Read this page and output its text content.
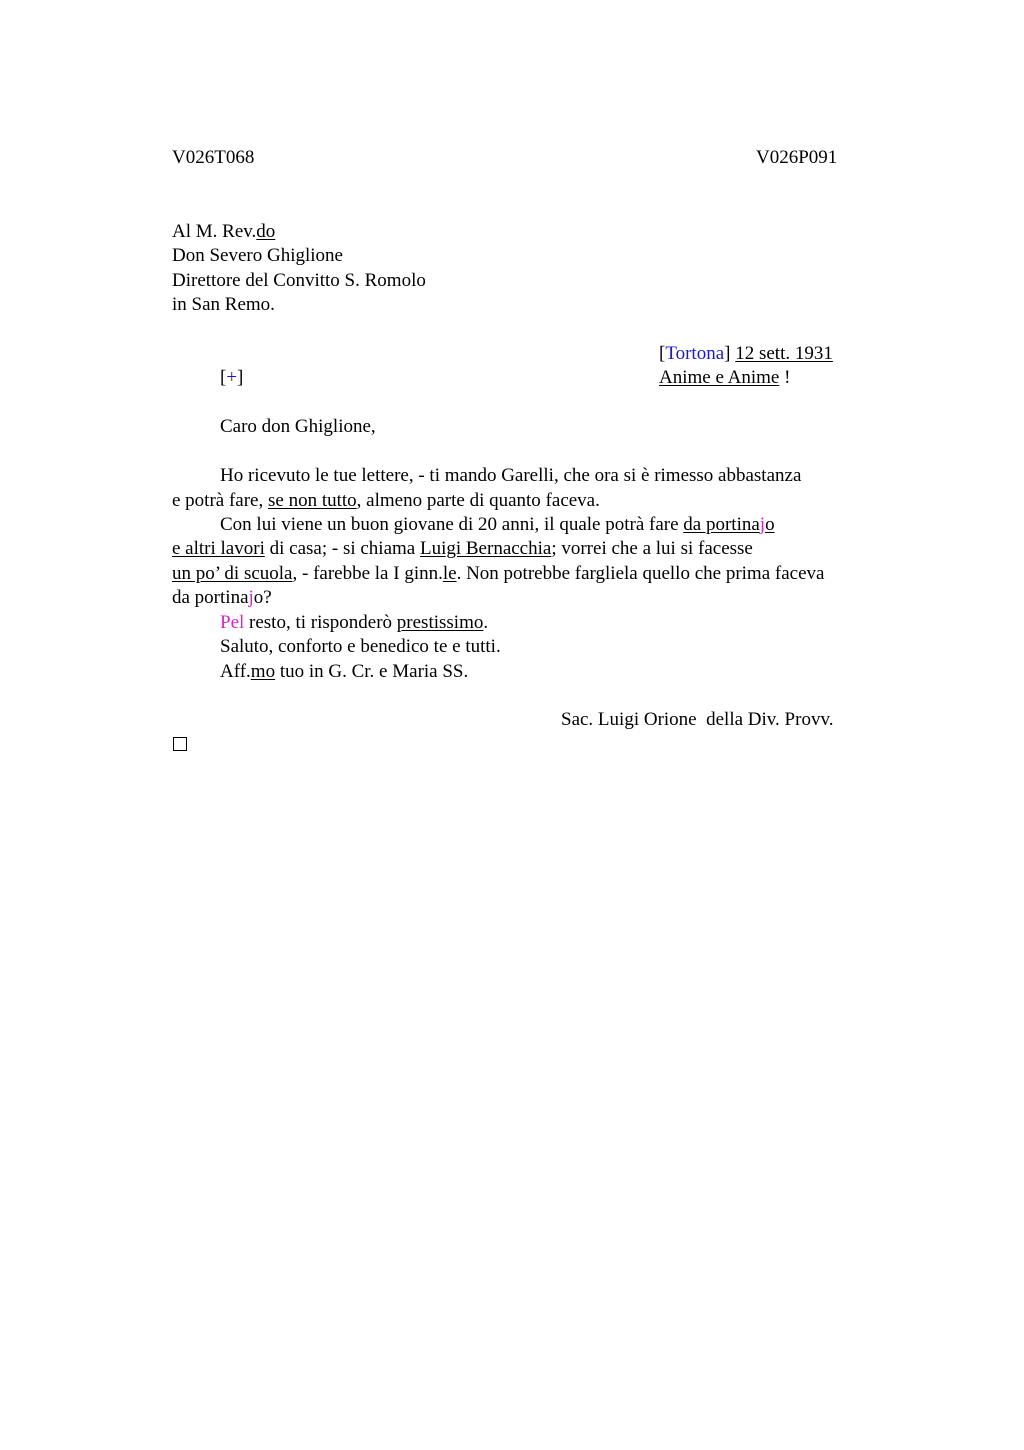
V026T068	V026P091
Al M. Rev.do
Don Severo Ghiglione
Direttore del Convitto S. Romolo
in San Remo.
[Tortona] 12 sett. 1931
Anime e Anime !
[+]
Caro don Ghiglione,
Ho ricevuto le tue lettere, - ti mando Garelli, che ora si è rimesso abbastanza
e potrà fare, se non tutto, almeno parte di quanto faceva.
Con lui viene un buon giovane di 20 anni, il quale potrà fare da portinajo
e altri lavori di casa; - si chiama Luigi Bernacchia; vorrei che a lui si facesse
un po’ di scuola, - farebbe la I ginn.le. Non potrebbe fargliela quello che prima faceva
da portinajo?
Pel resto, ti risponderò prestissimo.
Saluto, conforto e benedico te e tutti.
Aff.mo tuo in G. Cr. e Maria SS.
Sac. Luigi Orione  della Div. Provv.
